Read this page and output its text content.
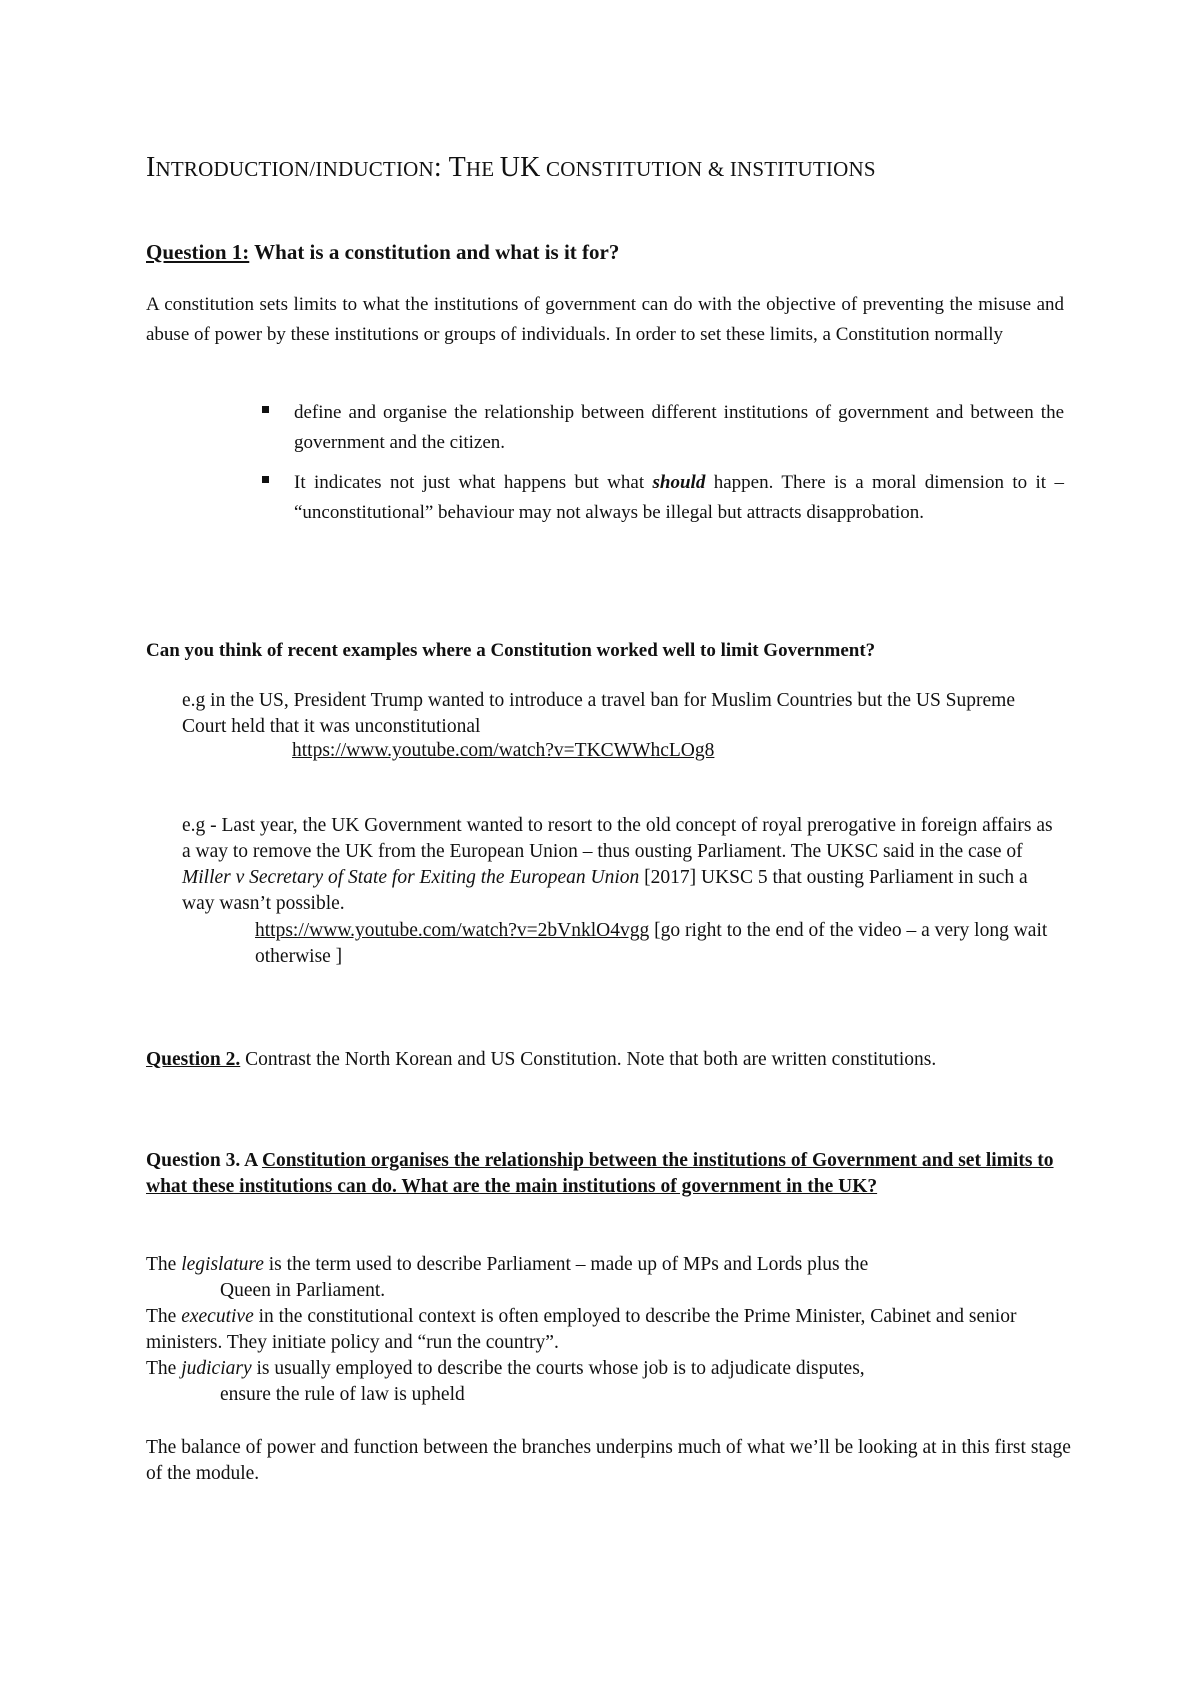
INTRODUCTION/INDUCTION: THE UK CONSTITUTION & INSTITUTIONS
Question 1: What is a constitution and what is it for?
A constitution sets limits to what the institutions of government can do with the objective of preventing the misuse and abuse of power by these institutions or groups of individuals. In order to set these limits, a Constitution normally
define and organise the relationship between different institutions of government and between the government and the citizen.
It indicates not just what happens but what should happen. There is a moral dimension to it – “unconstitutional” behaviour may not always be illegal but attracts disapprobation.
Can you think of recent examples where a Constitution worked well to limit Government?
e.g in the US, President Trump wanted to introduce a travel ban for Muslim Countries but the US Supreme Court held that it was unconstitutional
https://www.youtube.com/watch?v=TKCWWhcLOg8
e.g - Last year, the UK Government wanted to resort to the old concept of royal prerogative in foreign affairs as a way to remove the UK from the European Union – thus ousting Parliament. The UKSC said in the case of Miller v Secretary of State for Exiting the European Union [2017] UKSC 5 that ousting Parliament in such a way wasn’t possible.
https://www.youtube.com/watch?v=2bVnklO4vgg [go right to the end of the video – a very long wait otherwise ]
Question 2. Contrast the North Korean and US Constitution. Note that both are written constitutions.
Question 3. A Constitution organises the relationship between the institutions of Government and set limits to what these institutions can do. What are the main institutions of government in the UK?
The legislature is the term used to describe Parliament – made up of MPs and Lords plus the
Queen in Parliament.
The executive in the constitutional context is often employed to describe the Prime Minister, Cabinet and senior ministers. They initiate policy and “run the country”.
The judiciary is usually employed to describe the courts whose job is to adjudicate disputes,
ensure the rule of law is upheld
The balance of power and function between the branches underpins much of what we’ll be looking at in this first stage of the module.
